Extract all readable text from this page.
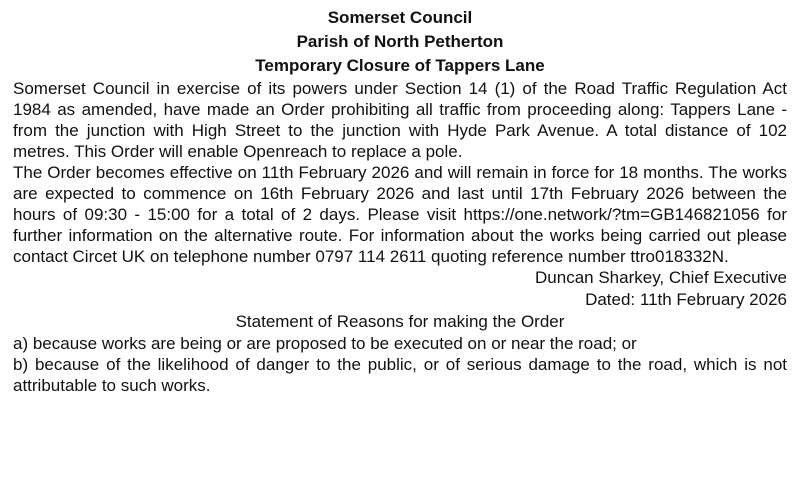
Somerset Council
Parish of North Petherton
Temporary Closure of Tappers Lane

Somerset Council in exercise of its powers under Section 14 (1) of the Road Traffic Regulation Act 1984 as amended, have made an Order prohibiting all traffic from proceeding along: Tappers Lane - from the junction with High Street to the junction with Hyde Park Avenue. A total distance of 102 metres. This Order will enable Openreach to replace a pole.

The Order becomes effective on 11th February 2026 and will remain in force for 18 months. The works are expected to commence on 16th February 2026 and last until 17th February 2026 between the hours of 09:30 - 15:00 for a total of 2 days. Please visit https://one.network/?tm=GB146821056 for further information on the alternative route. For information about the works being carried out please contact Circet UK on telephone number 0797 114 2611 quoting reference number ttro018332N.

Duncan Sharkey, Chief Executive
Dated: 11th February 2026
Statement of Reasons for making the Order

a) because works are being or are proposed to be executed on or near the road; or

b) because of the likelihood of danger to the public, or of serious damage to the road, which is not attributable to such works.
